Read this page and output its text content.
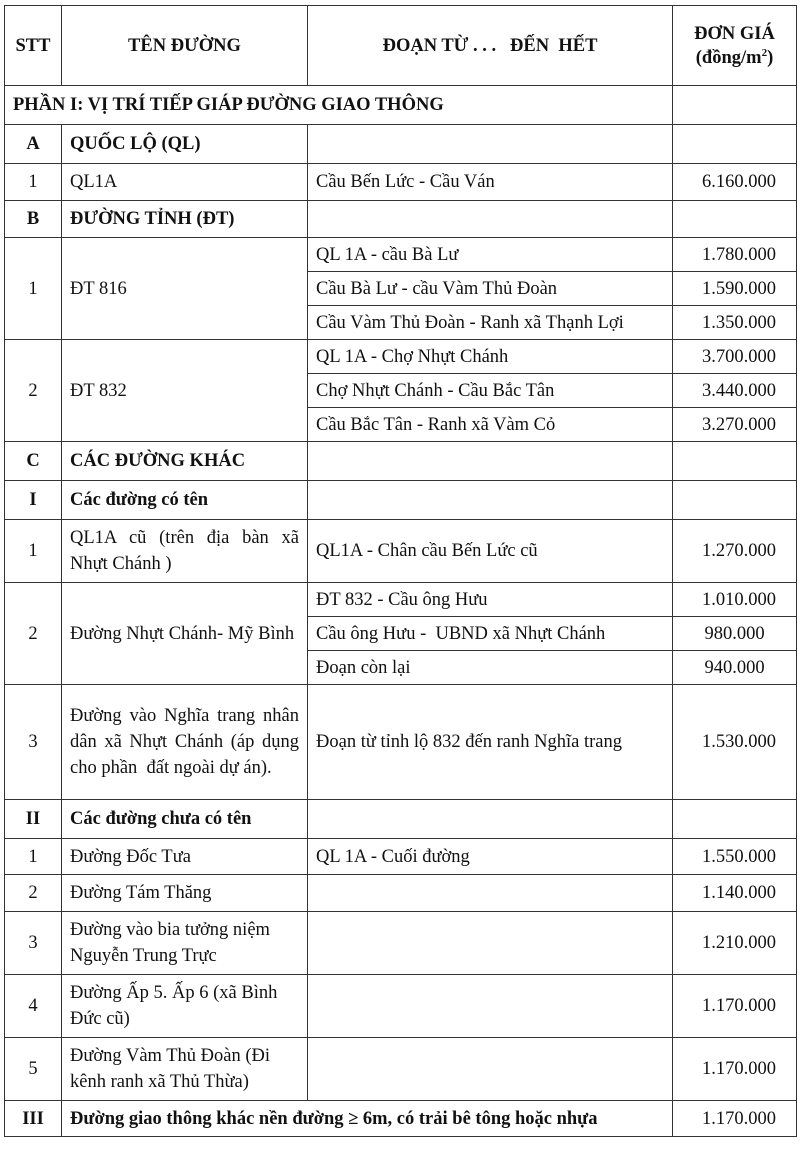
STT	TÊN ĐƯỜNG	ĐOẠN TỪ . . .   ĐẾN  HẾT	ĐƠN GIÁ
$(đồng/m^2)$
PHẦN I: VỊ TRÍ TIẾP GIÁP ĐƯỜNG GIAO THÔNG			
A	QUỐC LỘ (QL)		
1	QL1A	Cầu Bến Lức - Cầu Ván	6.160.000
B	ĐƯỜNG TỈNH (ĐT)		
1	ĐT 816	QL 1A - cầu Bà Lư	1.780.000
		Cầu Bà Lư - cầu Vàm Thủ Đoàn	1.590.000
		Cầu Vàm Thủ Đoàn - Ranh xã Thạnh Lợi	1.350.000
2	ĐT 832	QL 1A - Chợ Nhựt Chánh	3.700.000
		Chợ Nhựt Chánh - Cầu Bắc Tân	3.440.000
		Cầu Bắc Tân - Ranh xã Vàm Cỏ	3.270.000
C	CÁC ĐƯỜNG KHÁC		
I	Các đường có tên		
1	QL1A cũ (trên địa bàn xã Nhựt Chánh )	QL1A - Chân cầu Bến Lức cũ	1.270.000
2	Đường Nhựt Chánh- Mỹ Bình	ĐT 832 - Cầu ông Hưu	1.010.000
		Cầu ông Hưu -  UBND xã Nhựt Chánh	980.000
		Đoạn còn lại	940.000
3	Đường vào Nghĩa trang nhân dân xã Nhựt Chánh (áp dụng cho phần  đất ngoài dự án).	Đoạn từ tỉnh lộ 832 đến ranh Nghĩa trang	1.530.000
II	Các đường chưa có tên		
1	Đường Đốc Tưa	QL 1A - Cuối đường	1.550.000
2	Đường Tám Thăng		1.140.000
3	Đường vào bia tưởng niệm Nguyễn Trung Trực		1.210.000
4	Đường Ấp 5. Ấp 6 (xã Bình Đức cũ)		1.170.000
5	Đường Vàm Thủ Đoàn (Đi kênh ranh xã Thủ Thừa)		1.170.000
III	Đường giao thông khác nền đường ≥ 6m, có trải bê tông hoặc nhựa		1.170.000
